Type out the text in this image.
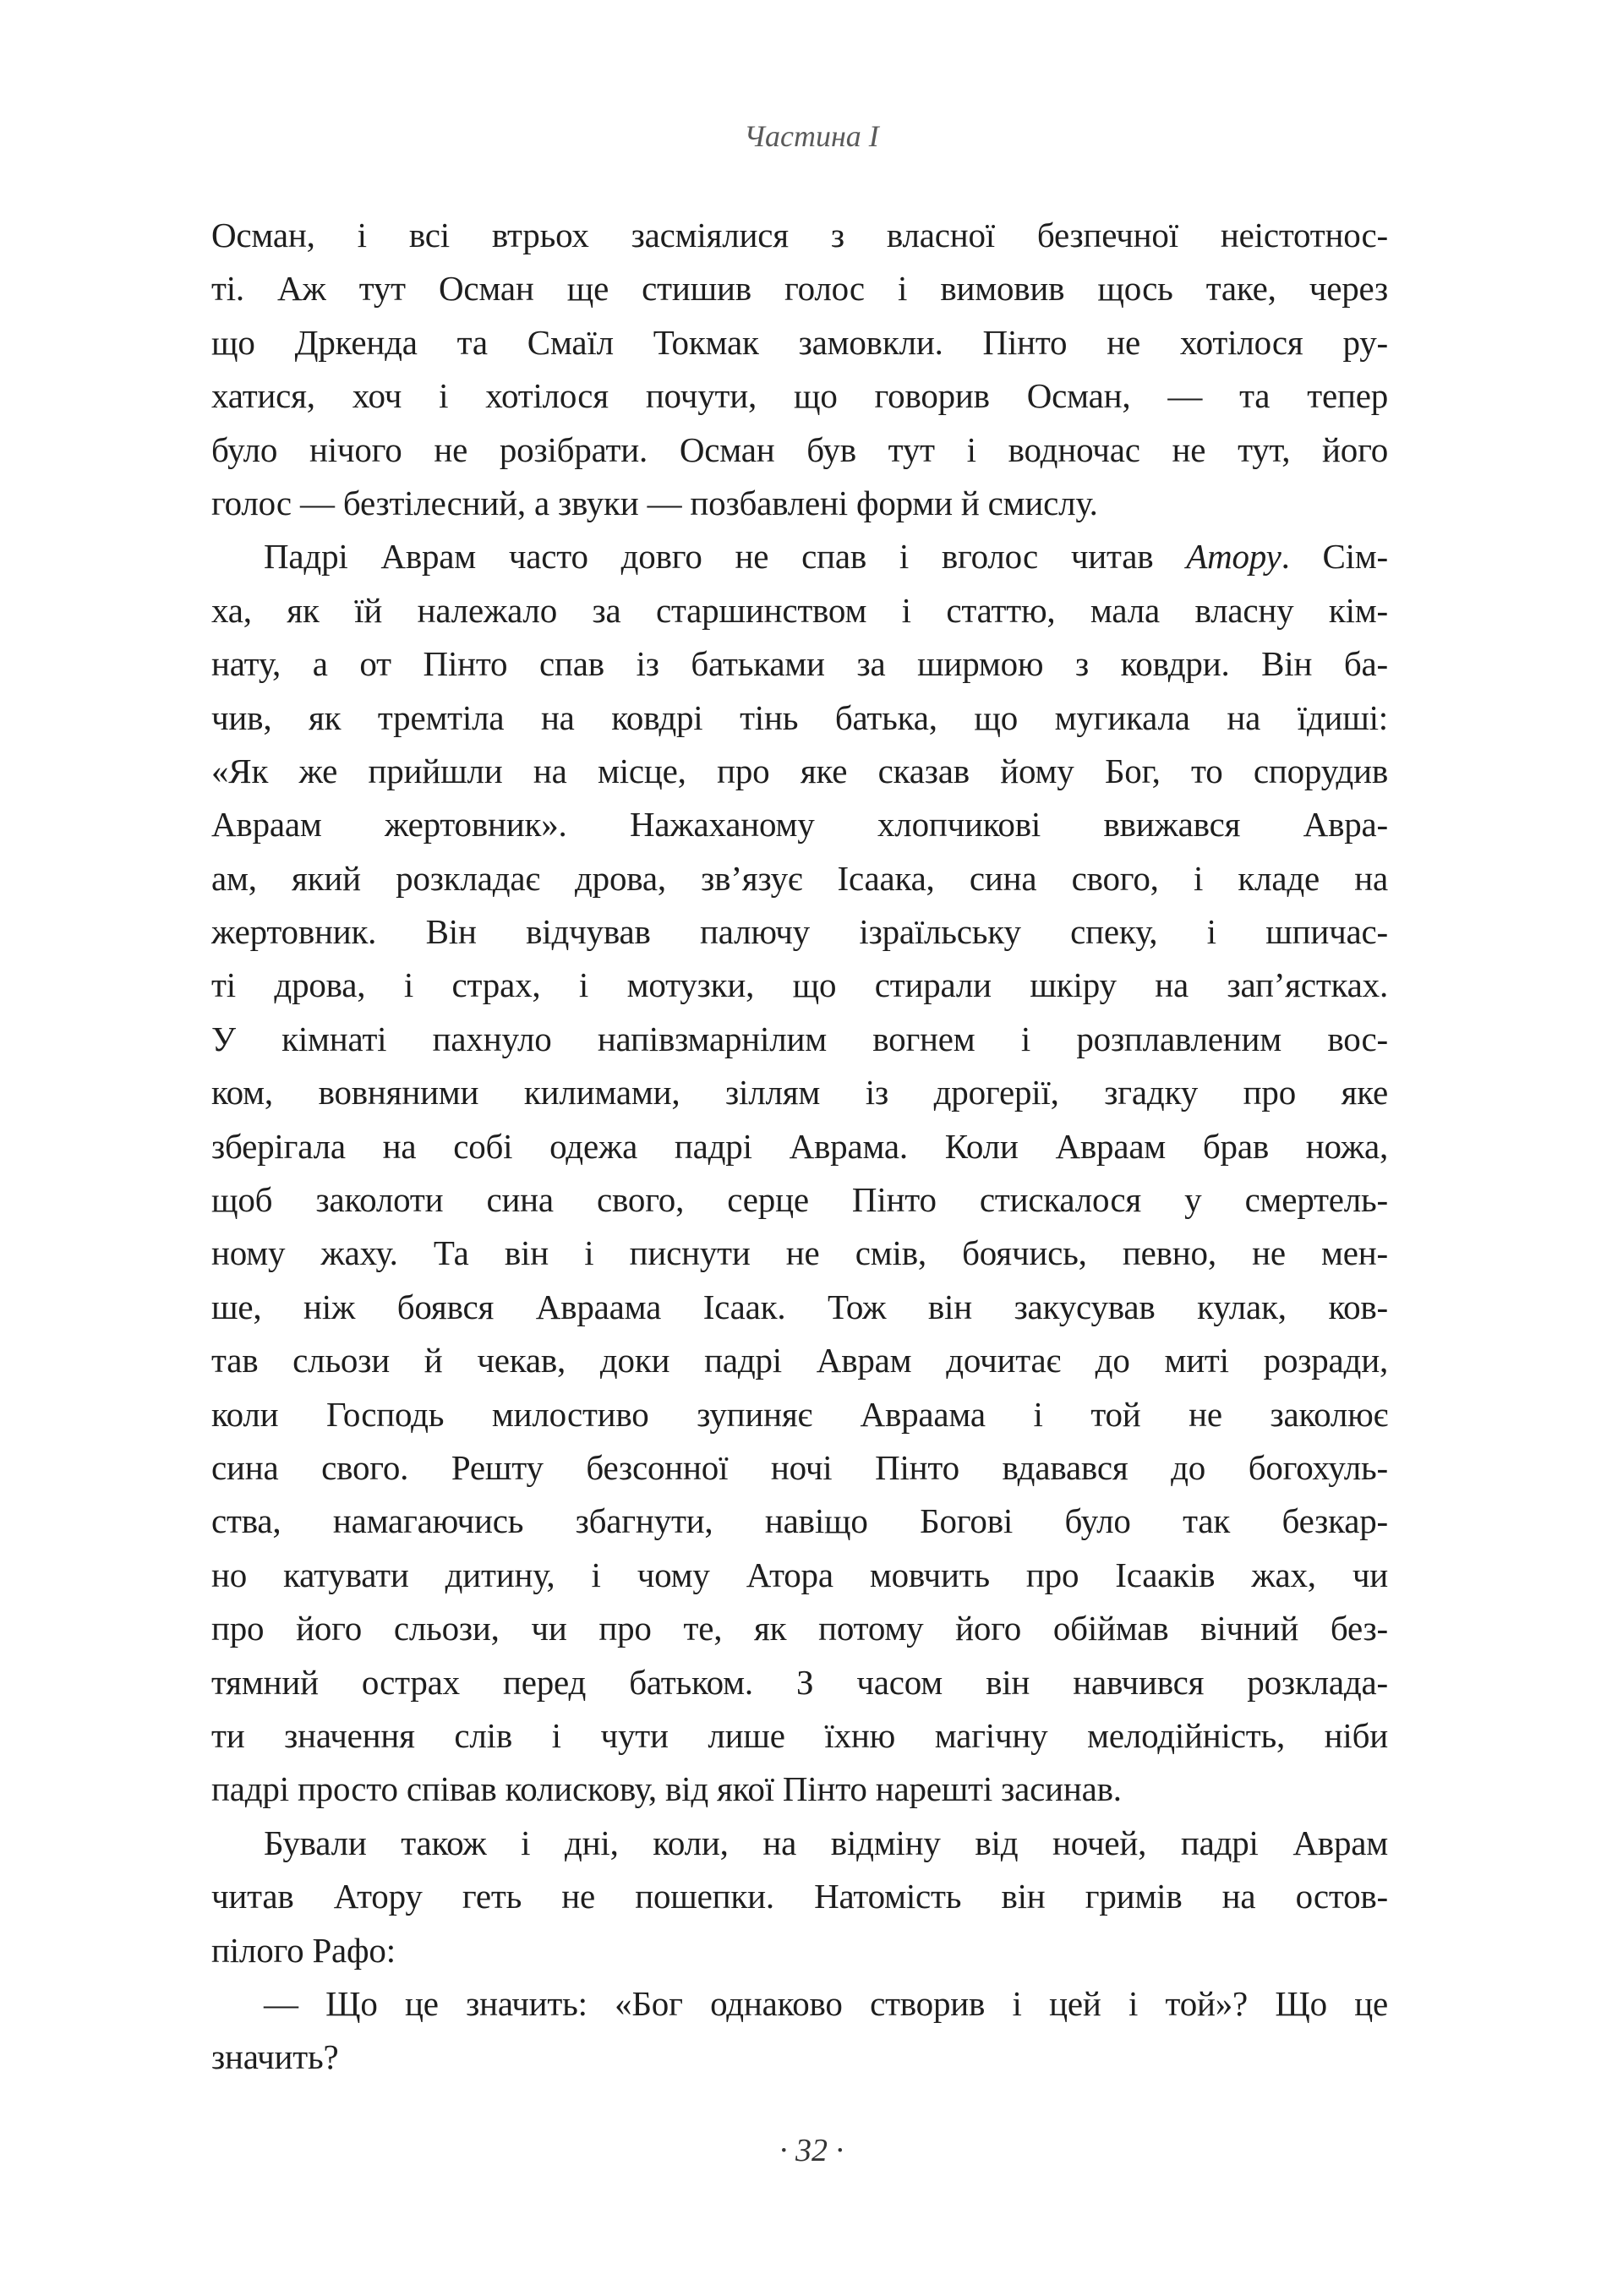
Частина I
Осман, і всі втрьох засміялися з власної безпечної неістотнос-
ті. Аж тут Осман ще стишив голос і вимовив щось таке, через
що Дркенда та Смаїл Токмак замовкли. Пінто не хотілося ру-
хатися, хоч і хотілося почути, що говорив Осман, — та тепер
було нічого не розібрати. Осман був тут і водночас не тут, його
голос — безтілесний, а звуки — позбавлені форми й смислу.
Падрі Аврам часто довго не спав і вголос читав Атору. Сім-
ха, як їй належало за старшинством і статтю, мала власну кім-
нату, а от Пінто спав із батьками за ширмою з ковдри. Він ба-
чив, як тремтіла на ковдрі тінь батька, що мугикала на їдиші:
«Як же прийшли на місце, про яке сказав йому Бог, то спорудив
Авраам жертовник». Нажаханому хлопчикові ввижався Авра-
ам, який розкладає дрова, зв’язує Ісаака, сина свого, і кладе на
жертовник. Він відчував палючу ізраїльську спеку, і шпичас-
ті дрова, і страх, і мотузки, що стирали шкіру на зап’ястках.
У кімнаті пахнуло напівзмарнілим вогнем і розплавленим вос-
ком, вовняними килимами, зіллям із дрогерії, згадку про яке
зберігала на собі одежа падрі Аврама. Коли Авраам брав ножа,
щоб заколоти сина свого, серце Пінто стискалося у смертель-
ному жаху. Та він і писнути не смів, боячись, певно, не мен-
ше, ніж боявся Авраама Ісаак. Тож він закусував кулак, ков-
тав сльози й чекав, доки падрі Аврам дочитає до миті розради,
коли Господь милостиво зупиняє Авраама і той не заколює
сина свого. Решту безсонної ночі Пінто вдавався до богохуль-
ства, намагаючись збагнути, навіщо Богові було так безкар-
но катувати дитину, і чому Атора мовчить про Ісааків жах, чи
про його сльози, чи про те, як потому його обіймав вічний без-
тямний острах перед батьком. З часом він навчився розклада-
ти значення слів і чути лише їхню магічну мелодійність, ніби
падрі просто співав колискову, від якої Пінто нарешті засинав.
Бували також і дні, коли, на відміну від ночей, падрі Аврам
читав Атору геть не пошепки. Натомість він гримів на остов-
пілого Рафо:
— Що це значить: «Бог однаково створив і цей і той»? Що це
значить?
· 32 ·
